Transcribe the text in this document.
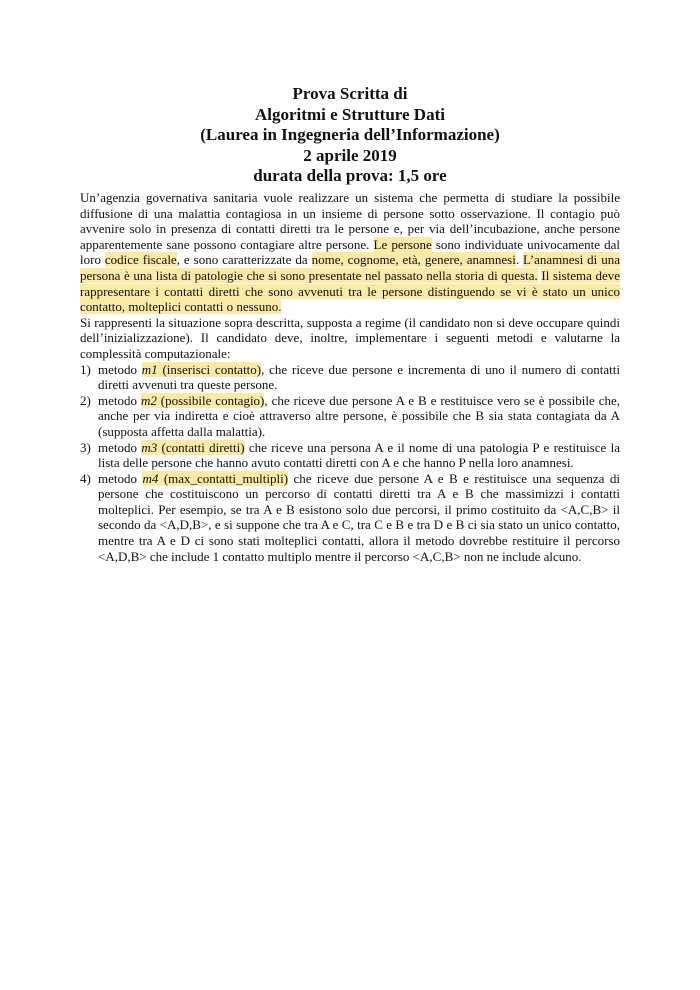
Prova Scritta di
Algoritmi e Strutture Dati
(Laurea in Ingegneria dell’Informazione)
2 aprile 2019
durata della prova: 1,5 ore

Un’agenzia governativa sanitaria vuole realizzare un sistema che permetta di studiare la possibile diffusione di una malattia contagiosa in un insieme di persone sotto osservazione. Il contagio può avvenire solo in presenza di contatti diretti tra le persone e, per via dell’incubazione, anche persone apparentemente sane possono contagiare altre persone. Le persone sono individuate univocamente dal loro codice fiscale, e sono caratterizzate da nome, cognome, età, genere, anamnesi. L’anamnesi di una persona è una lista di patologie che si sono presentate nel passato nella storia di questa. Il sistema deve rappresentare i contatti diretti che sono avvenuti tra le persone distinguendo se vi è stato un unico contatto, molteplici contatti o nessuno.

Si rappresenti la situazione sopra descritta, supposta a regime (il candidato non si deve occupare quindi dell’inizializzazione). Il candidato deve, inoltre, implementare i seguenti metodi e valutarne la complessità computazionale:

1) metodo m1 (inserisci contatto), che riceve due persone e incrementa di uno il numero di contatti diretti avvenuti tra queste persone.
2) metodo m2 (possibile contagio), che riceve due persone A e B e restituisce vero se è possibile che, anche per via indiretta e cioè attraverso altre persone, è possibile che B sia stata contagiata da A (supposta affetta dalla malattia).
3) metodo m3 (contatti diretti) che riceve una persona A e il nome di una patologia P e restituisce la lista delle persone che hanno avuto contatti diretti con A e che hanno P nella loro anamnesi.
4) metodo m4 (max_contatti_multipli) che riceve due persone A e B e restituisce una sequenza di persone che costituiscono un percorso di contatti diretti tra A e B che massimizzi i contatti molteplici. Per esempio, se tra A e B esistono solo due percorsi, il primo costituito da <A,C,B> il secondo da <A,D,B>, e si suppone che tra A e C, tra C e B e tra D e B ci sia stato un unico contatto, mentre tra A e D ci sono stati molteplici contatti, allora il metodo dovrebbe restituire il percorso <A,D,B> che include 1 contatto multiplo mentre il percorso <A,C,B> non ne include alcuno.
